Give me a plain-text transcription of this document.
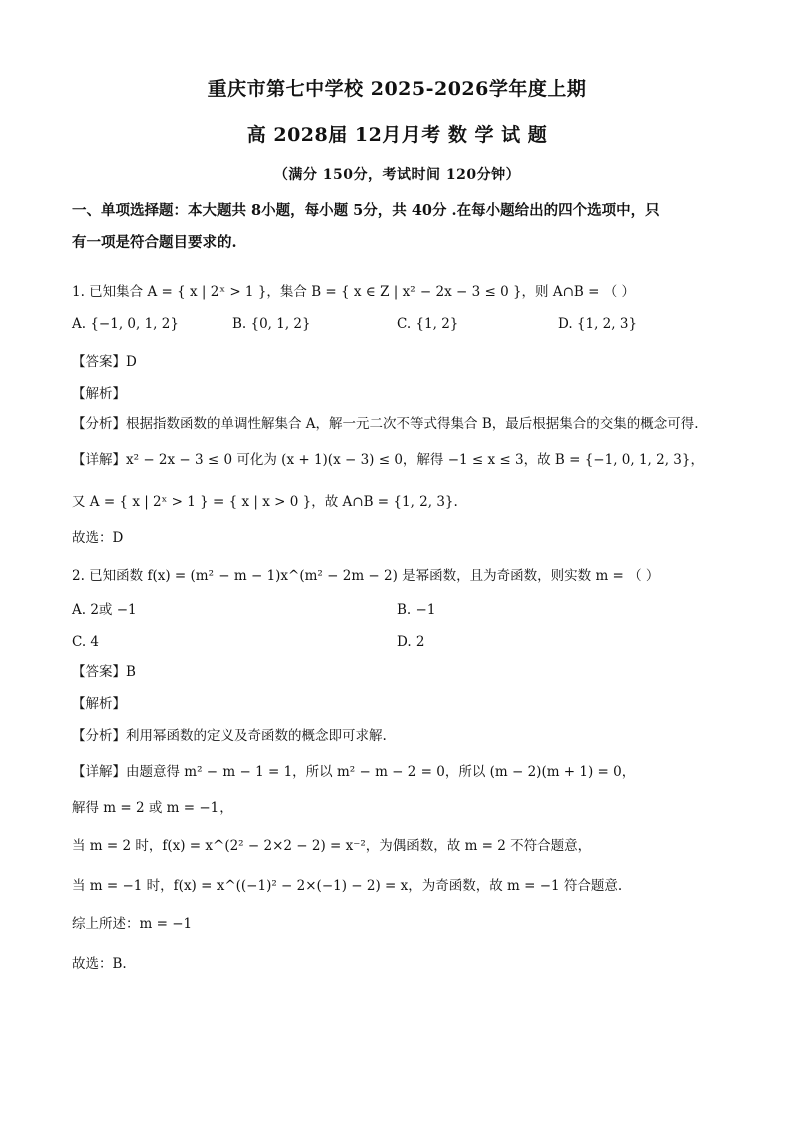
重庆市第七中学校 2025-2026学年度上期
高 2028届 12月月考 数 学 试 题
（满分 150分，考试时间 120分钟）
一、单项选择题：本大题共 8小题，每小题 5分，共 40分 .在每小题给出的四个选项中，只
有一项是符合题目要求的.
1. 已知集合 A = { x | 2ˣ > 1 }，集合 B = { x ∈ Z | x² − 2x − 3 ≤ 0 }，则 A∩B = （ ）
A. {−1, 0, 1, 2}	B. {0, 1, 2}	C. {1, 2}	D. {1, 2, 3}
【答案】D
【解析】
【分析】根据指数函数的单调性解集合 A，解一元二次不等式得集合 B，最后根据集合的交集的概念可得.
【详解】x² − 2x − 3 ≤ 0 可化为 (x + 1)(x − 3) ≤ 0，解得 −1 ≤ x ≤ 3，故 B = {−1, 0, 1, 2, 3}，
又 A = { x | 2ˣ > 1 } = { x | x > 0 }，故 A∩B = {1, 2, 3}.
故选：D
2. 已知函数 f(x) = (m² − m − 1)x^(m² − 2m − 2) 是幂函数，且为奇函数，则实数 m = （ ）
A. 2或 −1	B. −1
C. 4	D. 2
【答案】B
【解析】
【分析】利用幂函数的定义及奇函数的概念即可求解.
【详解】由题意得 m² − m − 1 = 1，所以 m² − m − 2 = 0，所以 (m − 2)(m + 1) = 0，
解得 m = 2 或 m = −1，
当 m = 2 时，f(x) = x^(2² − 2×2 − 2) = x⁻²，为偶函数，故 m = 2 不符合题意，
当 m = −1 时，f(x) = x^((−1)² − 2×(−1) − 2) = x，为奇函数，故 m = −1 符合题意.
综上所述：m = −1
故选：B.
